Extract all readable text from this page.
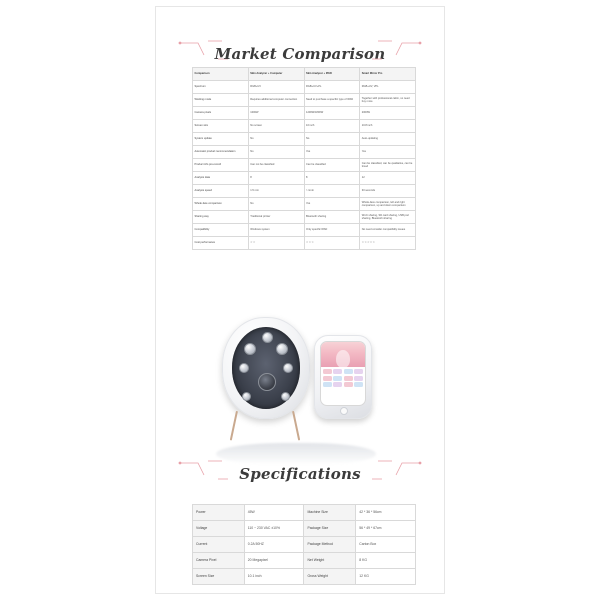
Market Comparison
Comparison	Skin Analyzer + Computer	Skin Analyzer + IPAD	Smart Mirror Pro
Spectrum	RGB+UV	RGB+UV+PL	RGB+UV, VPL
Working mode	Requires additional computer connection	Need to purchase a specific type of IPAD	Together with professional cabin, no need buy more
Camera pixels	1000W	1200W/1800W	2000W
Screen size	No screen	10 inch	10.8 inch
System update	No	No	Auto-updating
Automatic product recommendation	No	Yes	Yes
Product info pre-record	Can not be classified	Can be classified	Can be classified, can be qualitative, can be timed
Analysis data	8	8	12
Analysis speed	1.5 min	> 1min	30 seconds
Whole-face comparison	No	Yes	Whole-face comparison, left and right comparison, up and down comparison
Sharing way	Traditional printer	Bluetooth sharing	Wi-Fi sharing, SD card sharing, USB port sharing, Bluetooth sharing
Compatibility	Windows system	Only specific IPAD	No need consider compatibility issues
Cost performance	☆☆	☆☆☆	☆☆☆☆☆
Specifications
Power	45W	Machine Size	42 * 36 * 56cm
Voltage	110 ~ 230 VAC ±10%	Package Size	56 * 49 * 67cm
Current	0.2A 50HZ	Package Method	Carton Box
Camera Pixel	20 Megapixel	Net Weight	8 KG
Screen Size	10.1 inch	Gross Weight	12 KG
